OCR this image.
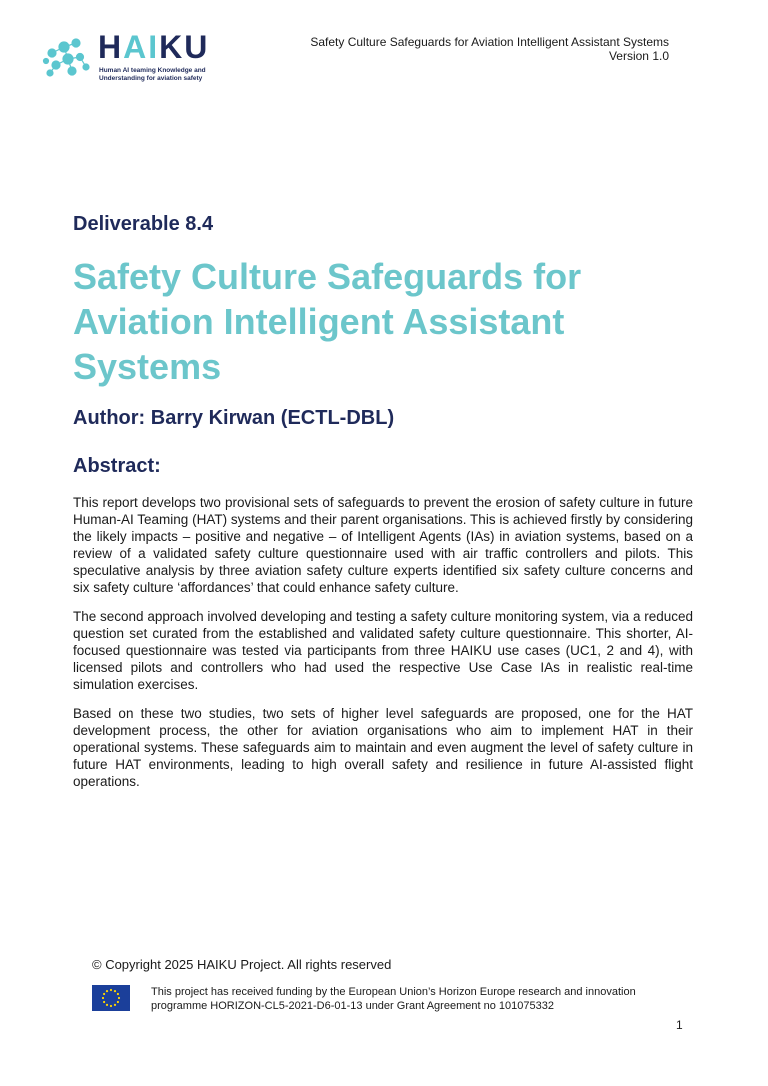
HAIKU
Human AI teaming Knowledge and
Understanding for aviation safety
Safety Culture Safeguards for Aviation Intelligent Assistant Systems
Version 1.0
Deliverable 8.4
Safety Culture Safeguards for Aviation Intelligent Assistant Systems
Author: Barry Kirwan (ECTL-DBL)
Abstract:

This report develops two provisional sets of safeguards to prevent the erosion of safety culture in future Human-AI Teaming (HAT) systems and their parent organisations. This is achieved firstly by considering the likely impacts – positive and negative – of Intelligent Agents (IAs) in aviation systems, based on a review of a validated safety culture questionnaire used with air traffic controllers and pilots. This speculative analysis by three aviation safety culture experts identified six safety culture concerns and six safety culture ‘affordances’ that could enhance safety culture.

The second approach involved developing and testing a safety culture monitoring system, via a reduced question set curated from the established and validated safety culture questionnaire. This shorter, AI-focused questionnaire was tested via participants from three HAIKU use cases (UC1, 2 and 4), with licensed pilots and controllers who had used the respective Use Case IAs in realistic real-time simulation exercises.

Based on these two studies, two sets of higher level safeguards are proposed, one for the HAT development process, the other for aviation organisations who aim to implement HAT in their operational systems. These safeguards aim to maintain and even augment the level of safety culture in future HAT environments, leading to high overall safety and resilience in future AI-assisted flight operations.

© Copyright 2025 HAIKU Project. All rights reserved
This project has received funding by the European Union’s Horizon Europe research and innovation programme HORIZON-CL5-2021-D6-01-13 under Grant Agreement no 101075332
1
